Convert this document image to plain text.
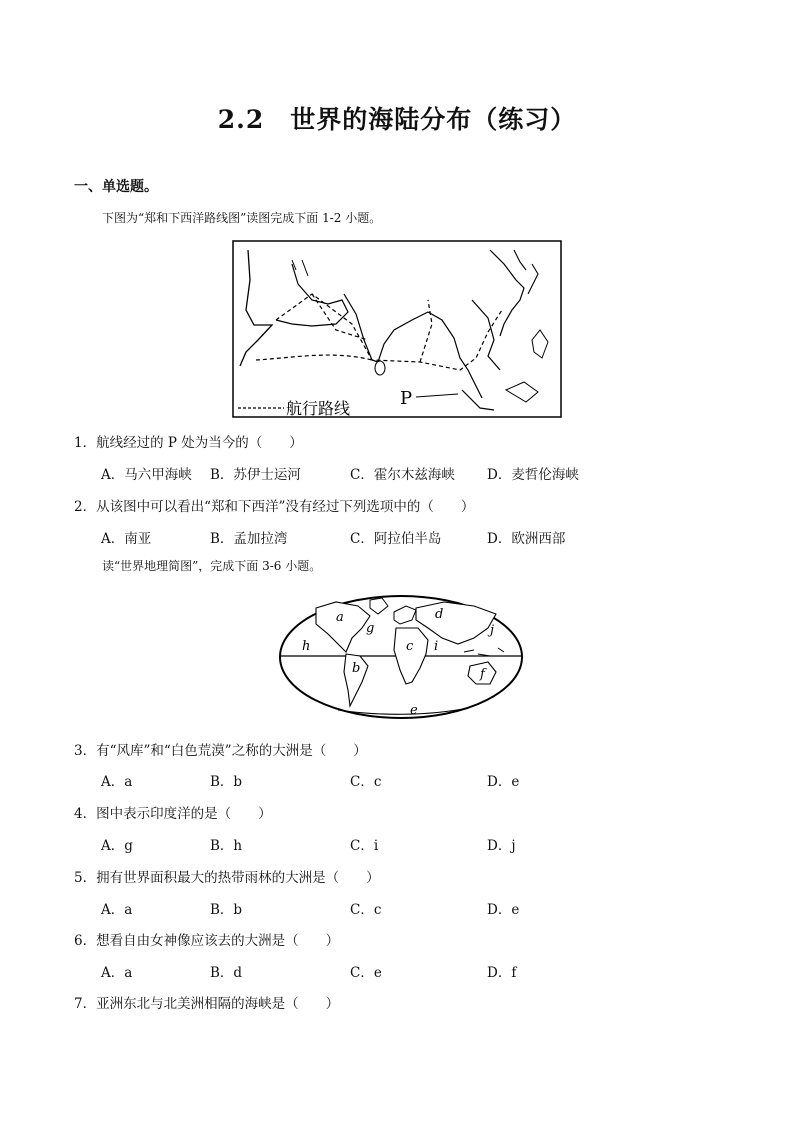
2.2　世界的海陆分布（练习）
一、单选题。
下图为“郑和下西洋路线图”读图完成下面 1-2 小题。
航行路线	P
1．航线经过的 P 处为当今的（　　）
A．马六甲海峡 B．苏伊士运河	C．霍尔木兹海峡 D．麦哲伦海峡
2．从该图中可以看出“郑和下西洋”没有经过下列选项中的（　　）
A．南亚	B．孟加拉湾	C．阿拉伯半岛	D．欧洲西部
读“世界地理简图”，完成下面 3-6 小题。
a
b
c
d
e
f
g
h	i
j
3．有“风库”和“白色荒漠”之称的大洲是（　　）
A．a	B．b	C．c	D．e
4．图中表示印度洋的是（　　）
A．g	B．h	C．i	D．j
5．拥有世界面积最大的热带雨林的大洲是（　　）
A．a	B．b	C．c	D．e
6．想看自由女神像应该去的大洲是（　　）
A．a	B．d	C．e	D．f
7．亚洲东北与北美洲相隔的海峡是（　　）
